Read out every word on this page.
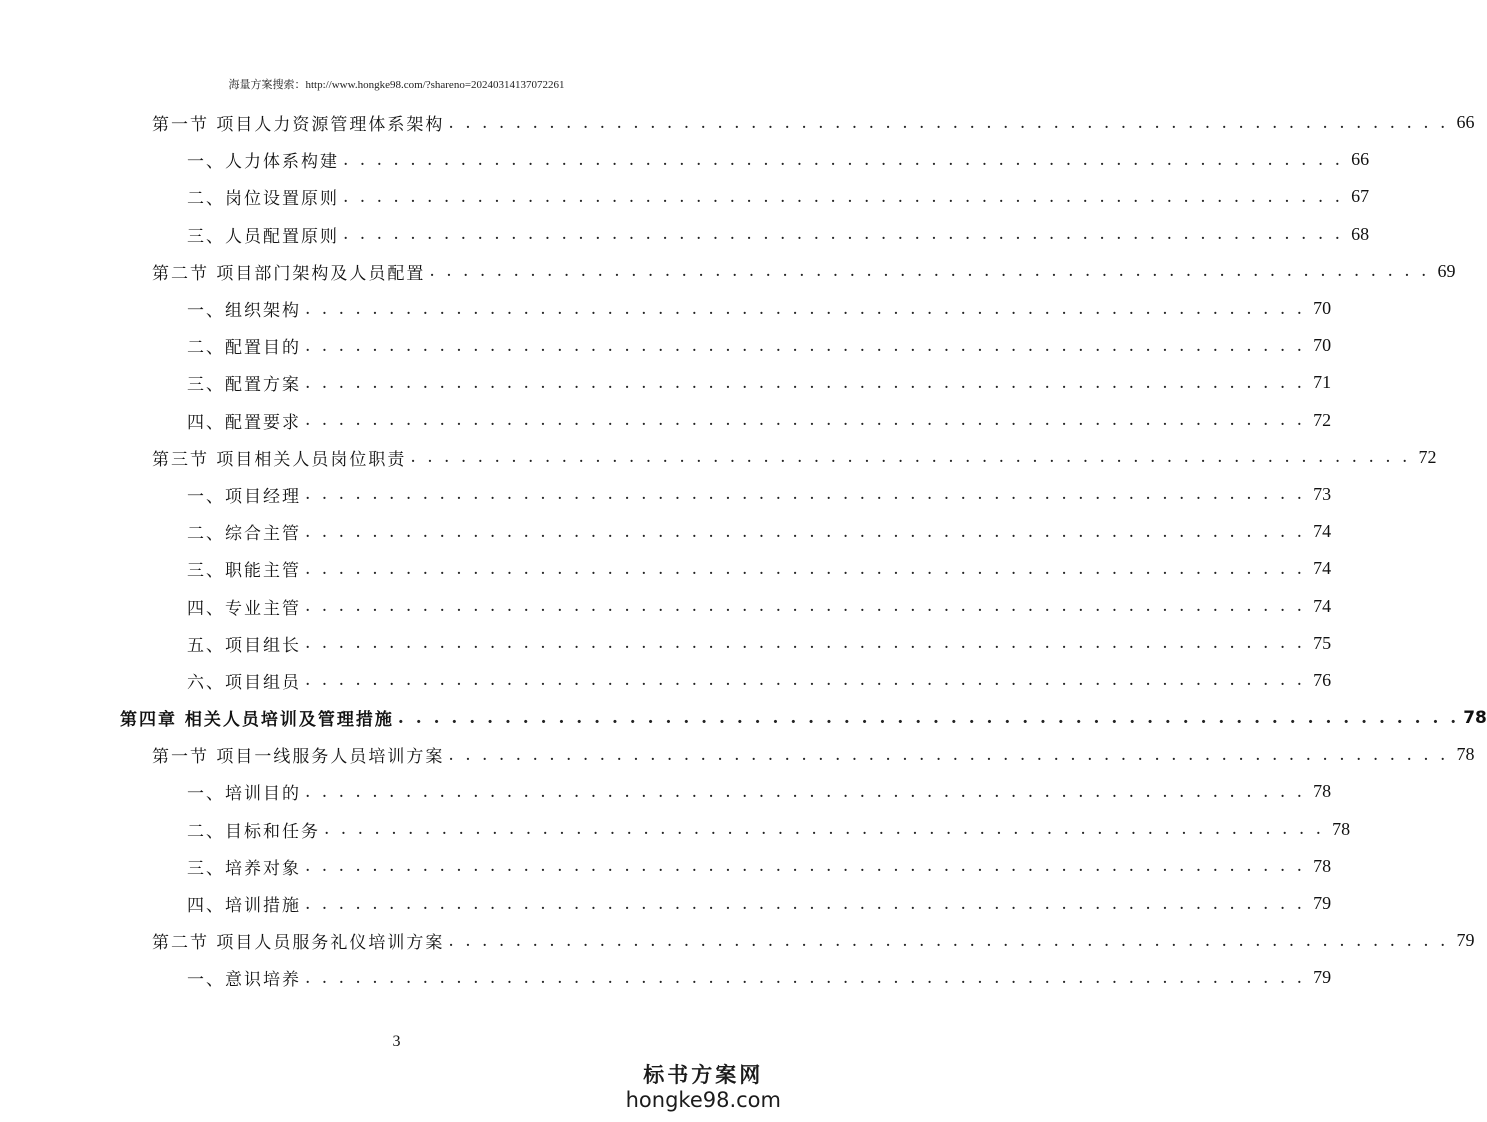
海量方案搜索：http://www.hongke98.com/?shareno=20240314137072261
第一节 项目人力资源管理体系架构 . . . . . . . . . . . . . . . . . . . . . . . . . . . . . . . . . . . . . . . . . . . . . . . . . . . . . . . . . . . . 66
一、人力体系构建 . . . . . . . . . . . . . . . . . . . . . . . . . . . . . . . . . . . . . . . . . . . . . . . . . . . . . . . . . . . . 66
二、岗位设置原则 . . . . . . . . . . . . . . . . . . . . . . . . . . . . . . . . . . . . . . . . . . . . . . . . . . . . . . . . . . . . 67
三、人员配置原则 . . . . . . . . . . . . . . . . . . . . . . . . . . . . . . . . . . . . . . . . . . . . . . . . . . . . . . . . . . . . 68
第二节 项目部门架构及人员配置 . . . . . . . . . . . . . . . . . . . . . . . . . . . . . . . . . . . . . . . . . . . . . . . . . . . . . . . . . . . . 69
一、组织架构 . . . . . . . . . . . . . . . . . . . . . . . . . . . . . . . . . . . . . . . . . . . . . . . . . . . . . . . . . . . . 70
二、配置目的 . . . . . . . . . . . . . . . . . . . . . . . . . . . . . . . . . . . . . . . . . . . . . . . . . . . . . . . . . . . . 70
三、配置方案 . . . . . . . . . . . . . . . . . . . . . . . . . . . . . . . . . . . . . . . . . . . . . . . . . . . . . . . . . . . . 71
四、配置要求 . . . . . . . . . . . . . . . . . . . . . . . . . . . . . . . . . . . . . . . . . . . . . . . . . . . . . . . . . . . . 72
第三节 项目相关人员岗位职责 . . . . . . . . . . . . . . . . . . . . . . . . . . . . . . . . . . . . . . . . . . . . . . . . . . . . . . . . . . . . 72
一、项目经理 . . . . . . . . . . . . . . . . . . . . . . . . . . . . . . . . . . . . . . . . . . . . . . . . . . . . . . . . . . . . 73
二、综合主管 . . . . . . . . . . . . . . . . . . . . . . . . . . . . . . . . . . . . . . . . . . . . . . . . . . . . . . . . . . . . 74
三、职能主管 . . . . . . . . . . . . . . . . . . . . . . . . . . . . . . . . . . . . . . . . . . . . . . . . . . . . . . . . . . . . 74
四、专业主管 . . . . . . . . . . . . . . . . . . . . . . . . . . . . . . . . . . . . . . . . . . . . . . . . . . . . . . . . . . . . 74
五、项目组长 . . . . . . . . . . . . . . . . . . . . . . . . . . . . . . . . . . . . . . . . . . . . . . . . . . . . . . . . . . . . 75
六、项目组员 . . . . . . . . . . . . . . . . . . . . . . . . . . . . . . . . . . . . . . . . . . . . . . . . . . . . . . . . . . . . 76
第四章 相关人员培训及管理措施 . . . . . . . . . . . . . . . . . . . . . . . . . . . . . . . . . . . . . . . . . . . . . . . . . . . . . . . . . . . . 78
第一节 项目一线服务人员培训方案 . . . . . . . . . . . . . . . . . . . . . . . . . . . . . . . . . . . . . . . . . . . . . . . . . . . . . . . . . . . . 78
一、培训目的 . . . . . . . . . . . . . . . . . . . . . . . . . . . . . . . . . . . . . . . . . . . . . . . . . . . . . . . . . . . . 78
二、目标和任务 . . . . . . . . . . . . . . . . . . . . . . . . . . . . . . . . . . . . . . . . . . . . . . . . . . . . . . . . . . . . 78
三、培养对象 . . . . . . . . . . . . . . . . . . . . . . . . . . . . . . . . . . . . . . . . . . . . . . . . . . . . . . . . . . . . 78
四、培训措施 . . . . . . . . . . . . . . . . . . . . . . . . . . . . . . . . . . . . . . . . . . . . . . . . . . . . . . . . . . . . 79
第二节 项目人员服务礼仪培训方案 . . . . . . . . . . . . . . . . . . . . . . . . . . . . . . . . . . . . . . . . . . . . . . . . . . . . . . . . . . . . 79
一、意识培养 . . . . . . . . . . . . . . . . . . . . . . . . . . . . . . . . . . . . . . . . . . . . . . . . . . . . . . . . . . . . 79
3
标书方案网
hongke98.com
